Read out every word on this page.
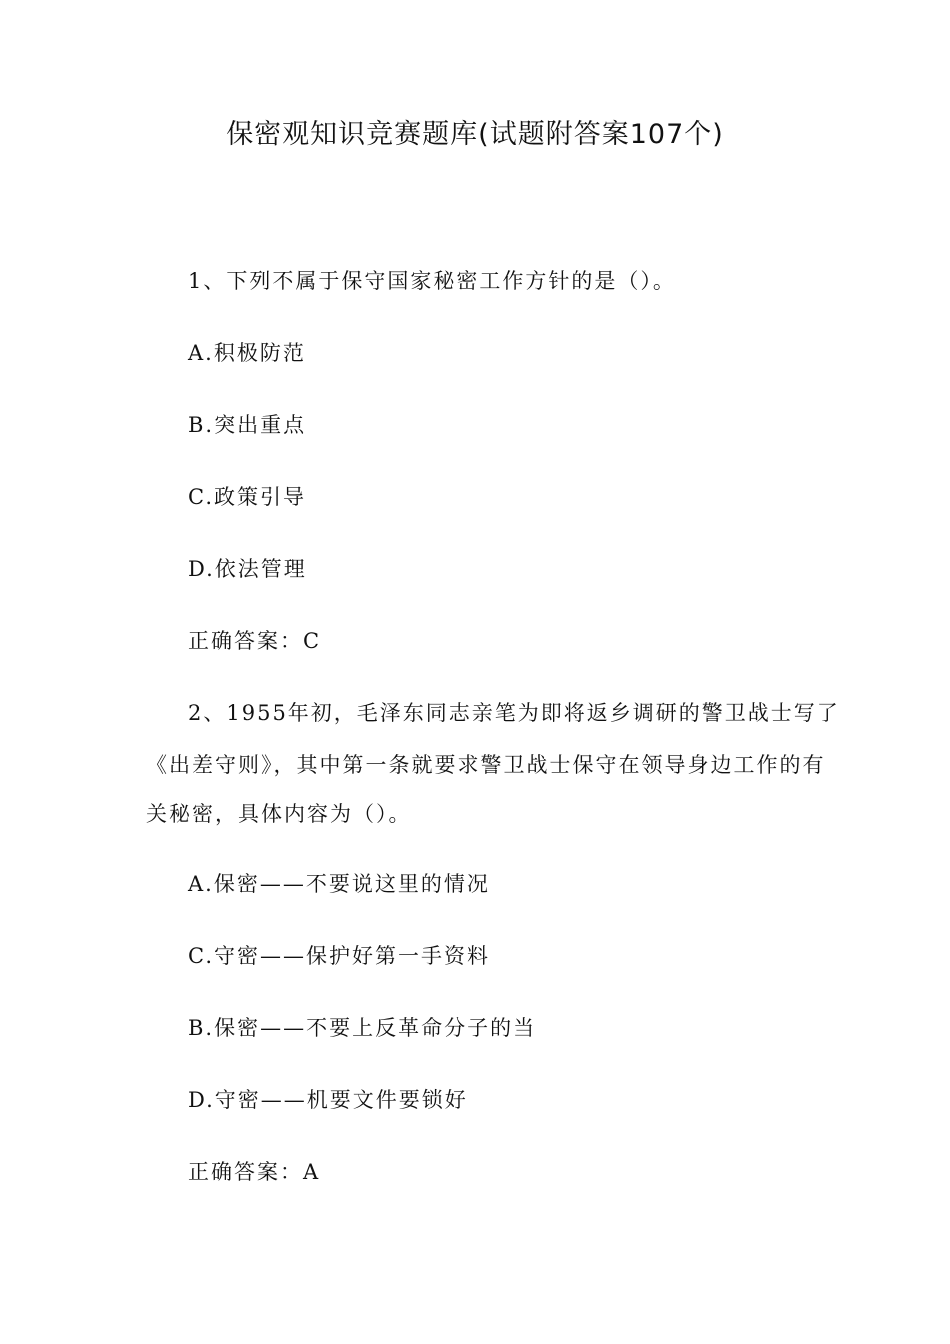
保密观知识竞赛题库(试题附答案107个)
1、下列不属于保守国家秘密工作方针的是（）。
A.积极防范
B.突出重点
C.政策引导
D.依法管理
正确答案：C
2、1955年初，毛泽东同志亲笔为即将返乡调研的警卫战士写了
《出差守则》，其中第一条就要求警卫战士保守在领导身边工作的有
关秘密，具体内容为（）。
A.保密——不要说这里的情况
C.守密——保护好第一手资料
B.保密——不要上反革命分子的当
D.守密——机要文件要锁好
正确答案：A
